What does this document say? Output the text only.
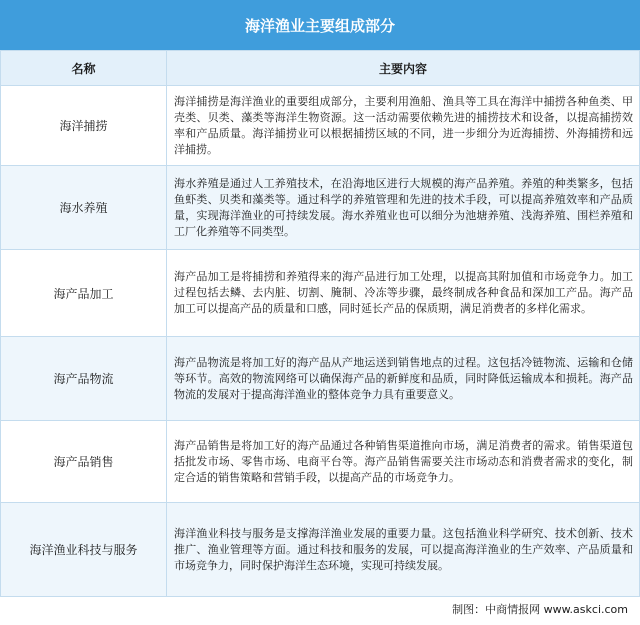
海洋渔业主要组成部分
名称	主要内容
海洋捕捞	海洋捕捞是海洋渔业的重要组成部分，主要利用渔船、渔具等工具在海洋中捕捞各种鱼类、甲壳类、贝类、藻类等海洋生物资源。这一活动需要依赖先进的捕捞技术和设备，以提高捕捞效率和产品质量。海洋捕捞业可以根据捕捞区域的不同，进一步细分为近海捕捞、外海捕捞和远洋捕捞。
海水养殖	海水养殖是通过人工养殖技术，在沿海地区进行大规模的海产品养殖。养殖的种类繁多，包括鱼虾类、贝类和藻类等。通过科学的养殖管理和先进的技术手段，可以提高养殖效率和产品质量，实现海洋渔业的可持续发展。海水养殖业也可以细分为池塘养殖、浅海养殖、围栏养殖和工厂化养殖等不同类型。
海产品加工	海产品加工是将捕捞和养殖得来的海产品进行加工处理，以提高其附加值和市场竞争力。加工过程包括去鳞、去内脏、切割、腌制、冷冻等步骤，最终制成各种食品和深加工产品。海产品加工可以提高产品的质量和口感，同时延长产品的保质期，满足消费者的多样化需求。
海产品物流	海产品物流是将加工好的海产品从产地运送到销售地点的过程。这包括冷链物流、运输和仓储等环节。高效的物流网络可以确保海产品的新鲜度和品质，同时降低运输成本和损耗。海产品物流的发展对于提高海洋渔业的整体竞争力具有重要意义。
海产品销售	海产品销售是将加工好的海产品通过各种销售渠道推向市场，满足消费者的需求。销售渠道包括批发市场、零售市场、电商平台等。海产品销售需要关注市场动态和消费者需求的变化，制定合适的销售策略和营销手段，以提高产品的市场竞争力。
海洋渔业科技与服务	海洋渔业科技与服务是支撑海洋渔业发展的重要力量。这包括渔业科学研究、技术创新、技术推广、渔业管理等方面。通过科技和服务的发展，可以提高海洋渔业的生产效率、产品质量和市场竞争力，同时保护海洋生态环境，实现可持续发展。
制图：中商情报网 www.askci.com
